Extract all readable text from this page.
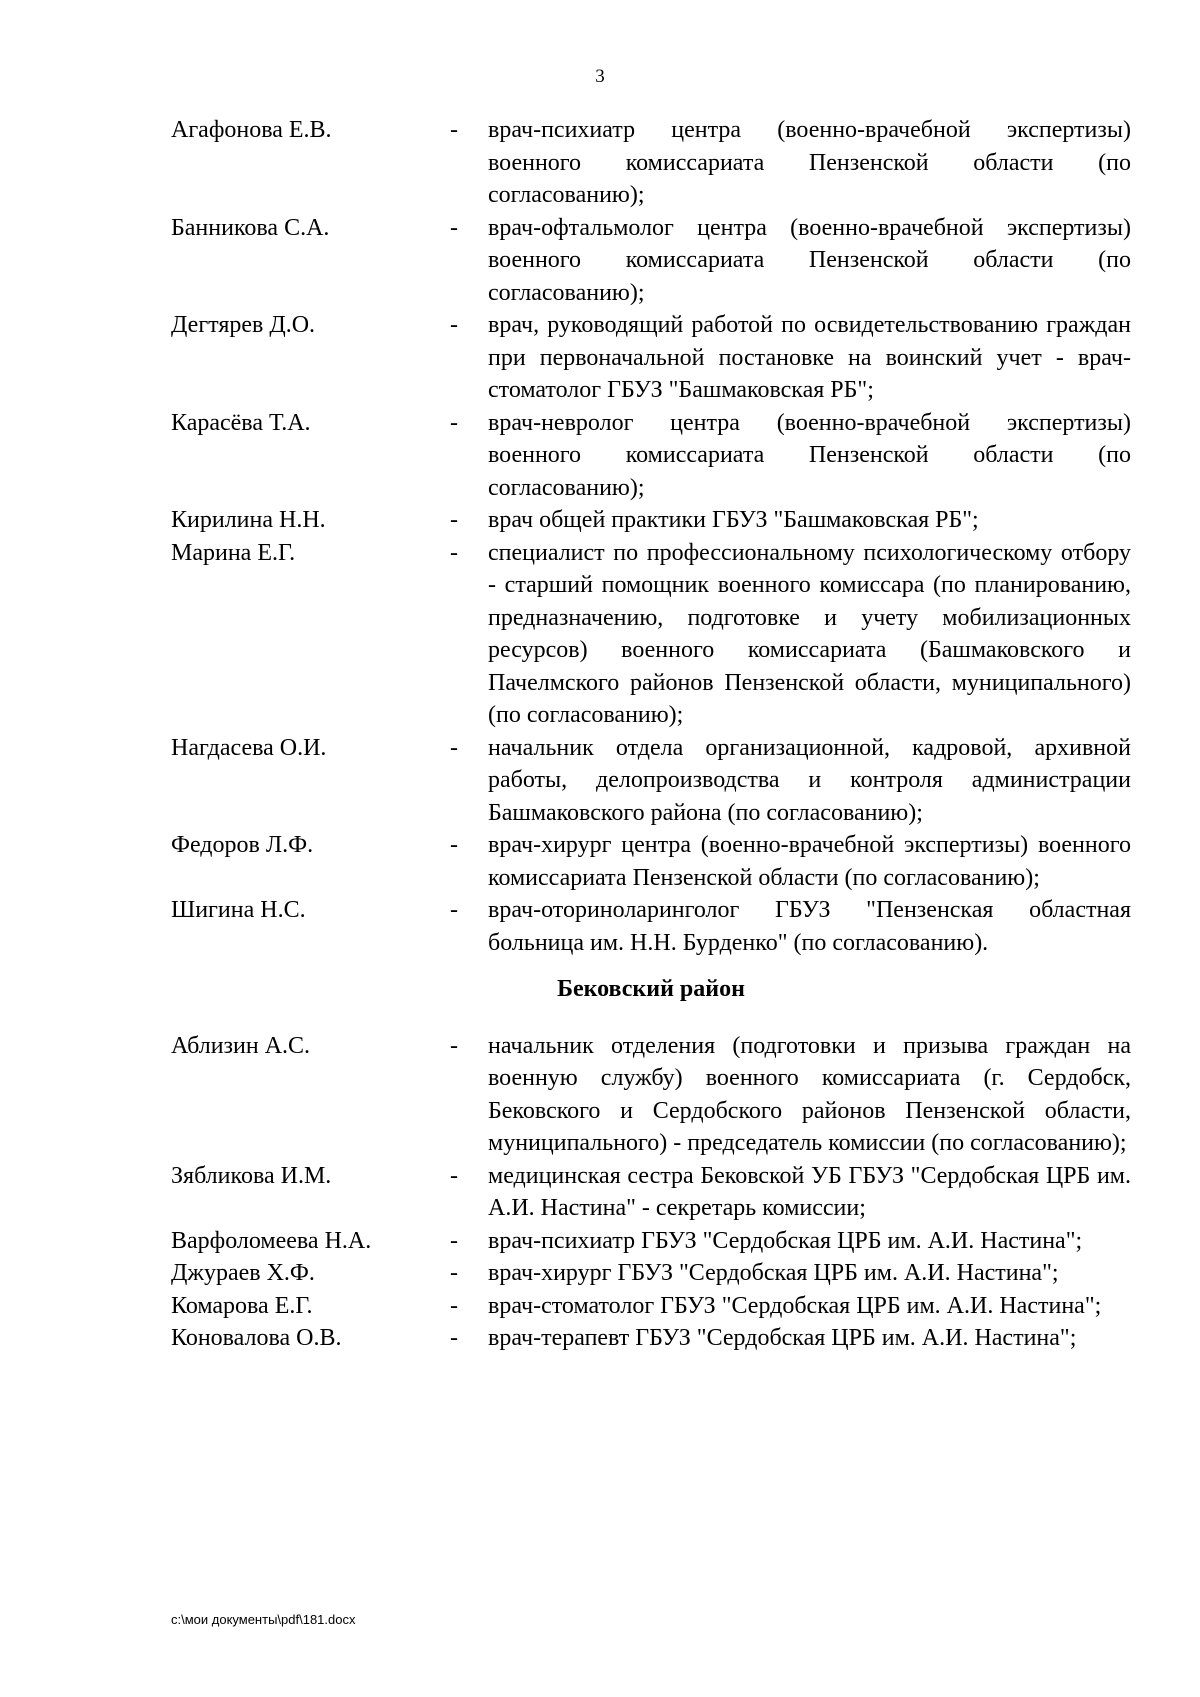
3
Агафонова Е.В.	-	врач-психиатр центра (военно-врачебной экспертизы) военного комиссариата Пензенской области (по согласованию);
Банникова С.А.	-	врач-офтальмолог центра (военно-врачебной экспертизы) военного комиссариата Пензенской области (по согласованию);
Дегтярев Д.О.	-	врач, руководящий работой по освидетельствованию граждан при первоначальной постановке на воинский учет - врач-стоматолог ГБУЗ "Башмаковская РБ";
Карасёва Т.А.	-	врач-невролог центра (военно-врачебной экспертизы) военного комиссариата Пензенской области (по согласованию);
Кирилина Н.Н.	-	врач общей практики ГБУЗ "Башмаковская РБ";
Марина Е.Г.	-	специалист по профессиональному психологическому отбору - старший помощник военного комиссара (по планированию, предназначению, подготовке и учету мобилизационных ресурсов) военного комиссариата (Башмаковского и Пачелмского районов Пензенской области, муниципального) (по согласованию);
Нагдасева О.И.	-	начальник отдела организационной, кадровой, архивной работы, делопроизводства и контроля администрации Башмаковского района (по согласованию);
Федоров Л.Ф.	-	врач-хирург центра (военно-врачебной экспертизы) военного комиссариата Пензенской области (по согласованию);
Шигина Н.С.	-	врач-оториноларинголог ГБУЗ "Пензенская областная больница им. Н.Н. Бурденко" (по согласованию).
Бековский район
Аблизин А.С.	-	начальник отделения (подготовки и призыва граждан на военную службу) военного комиссариата (г. Сердобск, Бековского и Сердобского районов Пензенской области, муниципального) - председатель комиссии (по согласованию);
Зябликова И.М.	-	медицинская сестра Бековской УБ ГБУЗ "Сердобская ЦРБ им. А.И. Настина" - секретарь комиссии;
Варфоломеева Н.А.	-	врач-психиатр ГБУЗ "Сердобская ЦРБ им. А.И. Настина";
Джураев Х.Ф.	-	врач-хирург ГБУЗ "Сердобская ЦРБ им. А.И. Настина";
Комарова Е.Г.	-	врач-стоматолог ГБУЗ "Сердобская ЦРБ им. А.И. Настина";
Коновалова О.В.	-	врач-терапевт ГБУЗ "Сердобская ЦРБ им. А.И. Настина";
c:\мои документы\pdf\181.docx
